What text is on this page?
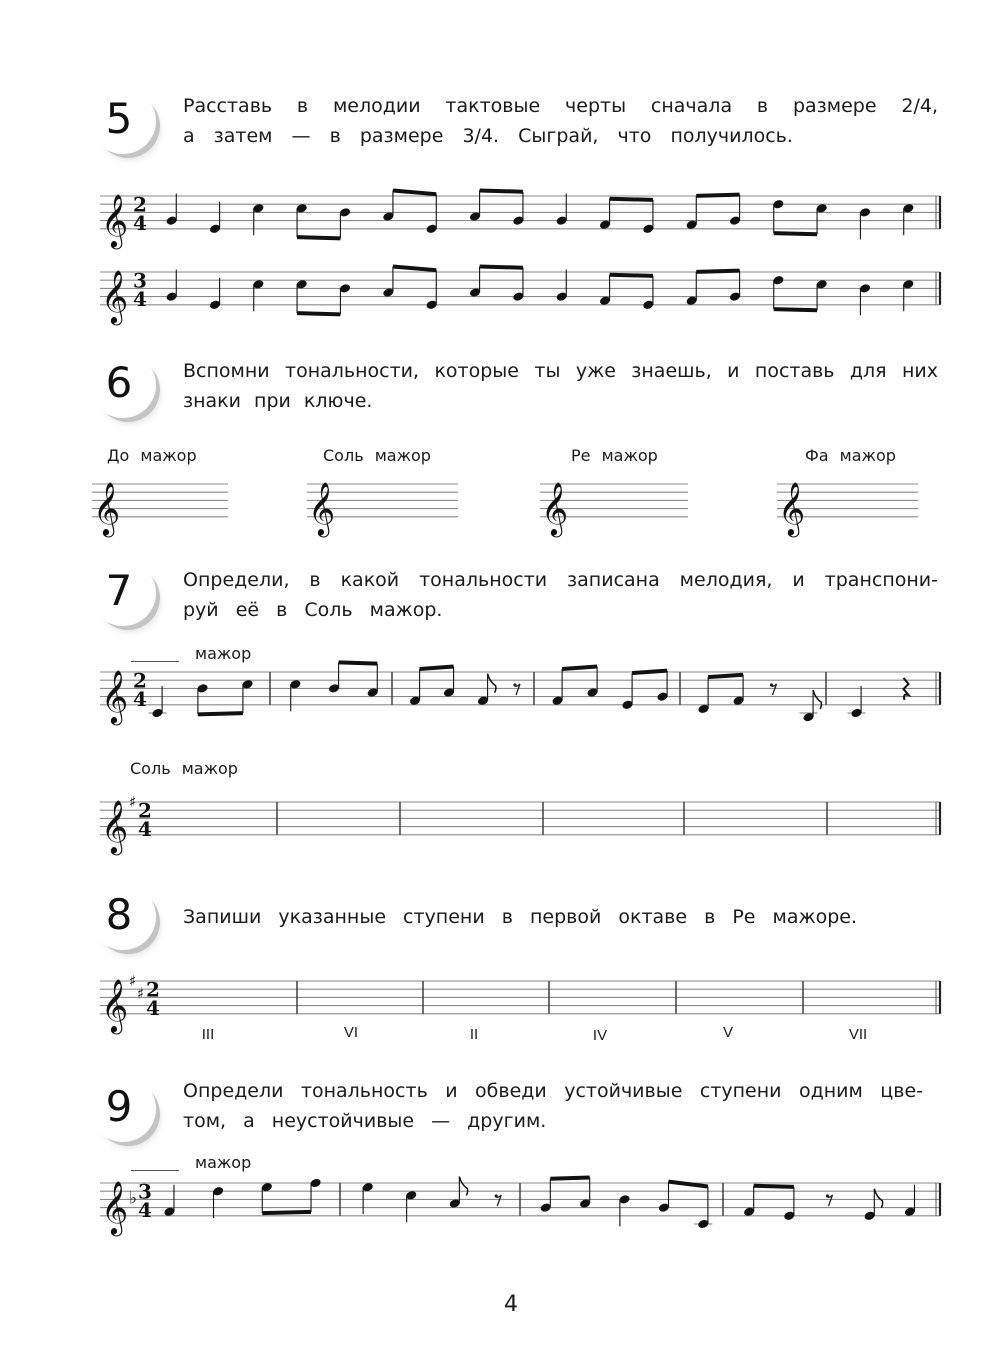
5	Расставь в мелодии тактовые черты сначала в размере 2/4,
а затем — в размере 3/4. Сыграй, что получилось.
6	Вспомни тональности, которые ты уже знаешь, и поставь для них
знаки при ключе.
До мажор	Соль мажор	Ре мажор	Фа мажор
7	Определи, в какой тональности записана мелодия, и транспони-
руй её в Соль мажор.
мажор
Соль мажор
8	Запиши указанные ступени в первой октаве в Ре мажоре.
III	VI	II	IV	V	VII
9	Определи тональность и обведи устойчивые ступени одним цве-
том, а неустойчивые — другим.
мажор
4
𝄞 2
4
𝄞 3
4
𝄞	𝄞	𝄞	𝄞
𝄞 2
4
𝄞 ♯ 2
4
𝄞 ♯
♯ 2
4
𝄞 ♭ 3
4
